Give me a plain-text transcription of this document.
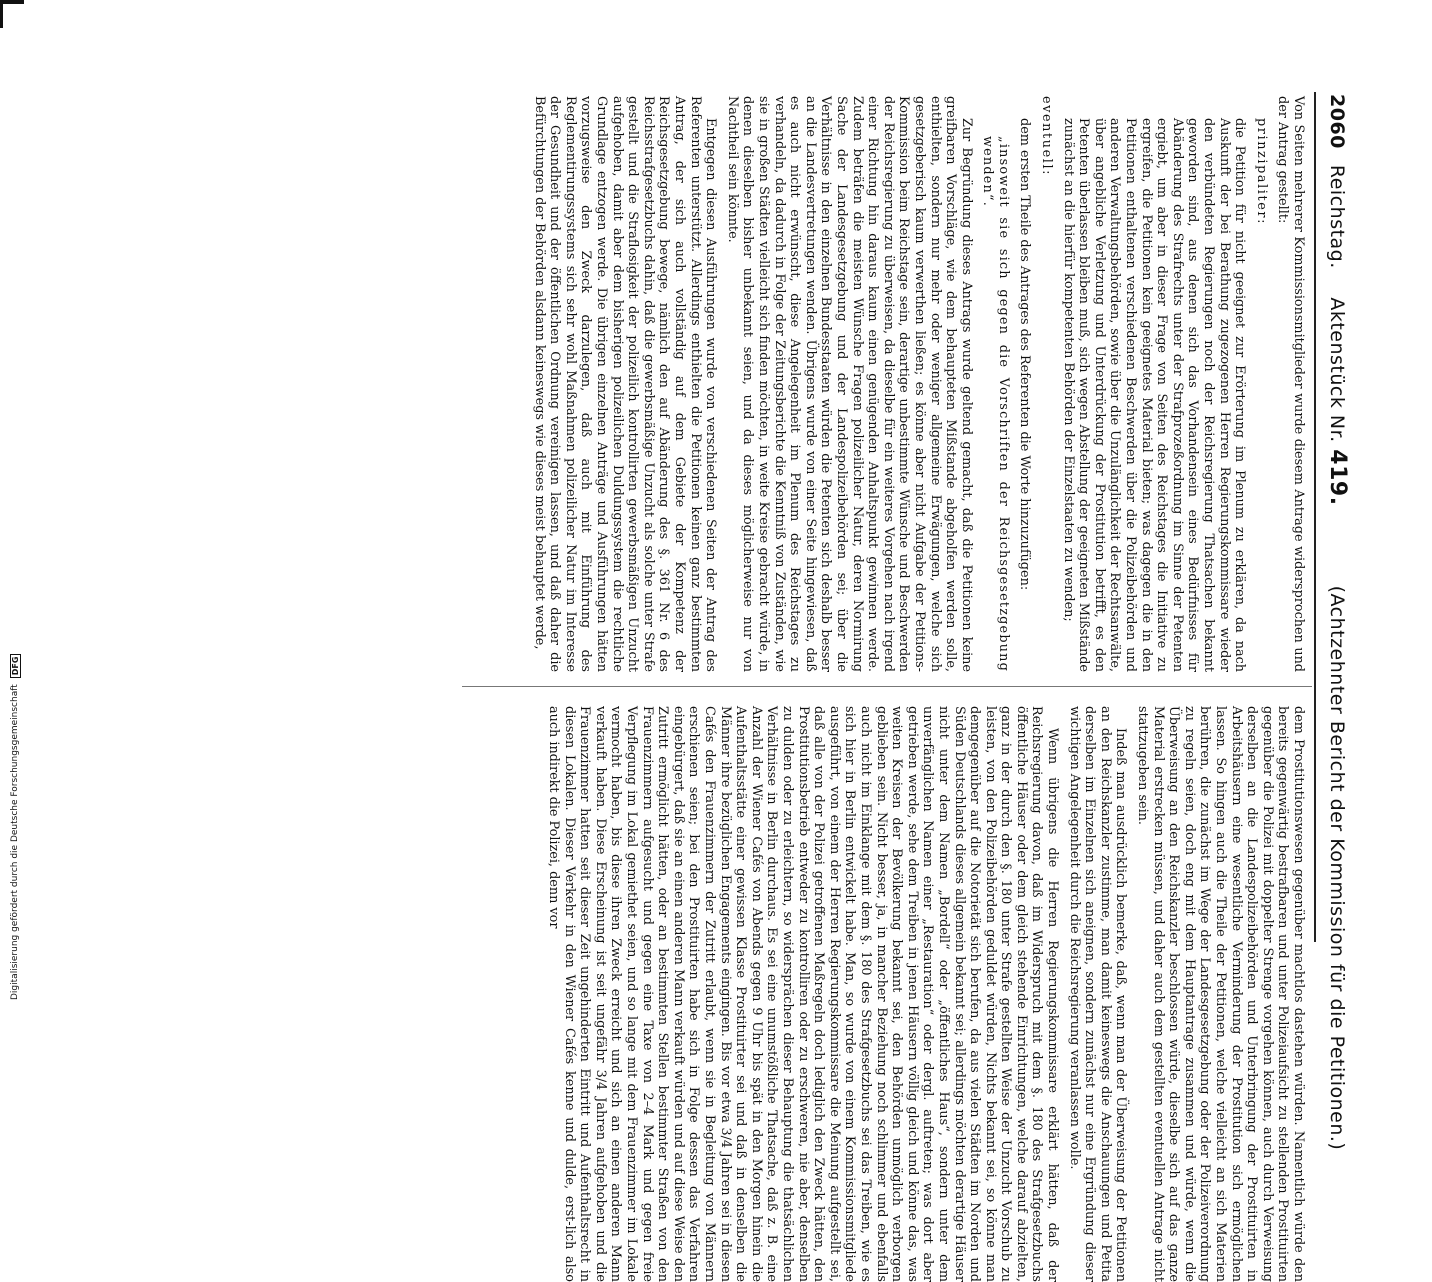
2060
Reichstag. Aktenstück Nr. 419.
(Achtzehnter Bericht der Kommission für die Petitionen.)

Von Seiten mehrerer Kommissionsmitglieder wurde diesem Antrage widersprochen und der Antrag gestellt:

prinzipaliter:

die Petition für nicht geeignet zur Erörterung im Plenum zu erklären, da nach Auskunft der bei Berathung zugezogenen Herren Regierungskommissare wieder den verbündeten Regierungen noch der Reichsregierung Thatsachen bekannt geworden sind, aus denen sich das Vorhandensein eines Bedürfnisses für Abänderung des Strafrechts unter der Strafprozeßordnung im Sinne der Petenten ergiebt, um aber in dieser Frage von Seiten des Reichstages die Initiative zu ergreifen, die Petitionen kein geeignetes Material bieten; was dagegen die in den Petitionen enthaltenen verschiedenen Beschwerden über die Polizeibehörden und anderen Verwaltungsbehörden, sowie über die Unzulänglichkeit der Rechtsanwälte, über angebliche Verletzung und Unterdrückung der Prostitution betrifft, es den Petenten überlassen bleiben muß, sich wegen Abstellung der geeigneten Mißstände zunächst an die hierfür kompetenten Behörden der Einzelstaaten zu wenden;

eventuell:

dem ersten Theile des Antrages des Referenten die Worte hinzuzufügen:

„insoweit sie sich gegen die Vorschriften der Reichsgesetzgebung wenden“.

Zur Begründung dieses Antrags wurde geltend gemacht, daß die Petitionen keine greifbaren Vorschläge, wie dem behaupteten Mißstande abgeholfen werden solle, enthielten, sondern nur mehr oder weniger allgemeine Erwägungen, welche sich gesetzgeberisch kaum verwerthen ließen; es könne aber nicht Aufgabe der Petitions-Kommission beim Reichstage sein, derartige unbestimmte Wünsche und Beschwerden der Reichsregierung zu überweisen, da dieselbe für ein weiteres Vorgehen nach irgend einer Richtung hin daraus kaum einen genügenden Anhaltspunkt gewinnen werde. Zudem beträfen die meisten Wünsche Fragen polizeilicher Natur, deren Normirung Sache der Landesgesetzgebung und der Landespolizeibehörden sei; über die Verhältnisse in den einzelnen Bundesstaaten würden die Petenten sich deshalb besser an die Landesvertretungen wenden. Übrigens wurde von einer Seite hingewiesen, daß es auch nicht erwünscht, diese Angelegenheit im Plenum des Reichstages zu verhandeln, da dadurch in Folge der Zeitungsberichte die Kenntniß von Zuständen, wie sie in großen Städten vielleicht sich finden möchten, in weite Kreise gebracht würde, in denen dieselben bisher unbekannt seien, und da dieses möglicherweise nur von Nachtheil sein könnte.

Entgegen diesen Ausführungen wurde von verschiedenen Seiten der Antrag des Referenten unterstützt. Allerdings enthielten die Petitionen keinen ganz bestimmten Antrag, der sich auch vollständig auf dem Gebiete der Kompetenz der Reichsgesetzgebung bewege, nämlich den auf Abänderung des §. 361 Nr. 6 des Reichsstrafgesetzbuchs dahin, daß die gewerbsmäßige Unzucht als solche unter Strafe gestellt und die Straflosigkeit der polizeilich kontrollirten gewerbsmäßigen Unzucht aufgehoben, damit aber dem bisherigen polizeilichen Duldungssystem die rechtliche Grundlage entzogen werde. Die übrigen einzelnen Anträge und Ausführungen hätten vorzugsweise den Zweck darzulegen, daß auch mit Einführung des Reglementirungssystems sich sehr wohl Maßnahmen polizeilicher Natur im Interesse der Gesundheit und der öffentlichen Ordnung vereinigen lassen, und daß daher die Befürchtungen der Behörden alsdann keineswegs wie dieses meist behauptet werde,

dem Prostitutionswesen gegenüber machtlos dastehen würden. Namentlich würde den bereits gegenwärtig bestrafbaren und unter Polizeiaufsicht zu stellenden Prostituirten gegenüber die Polizei mit doppelter Strenge vorgehen können, auch durch Verweisung derselben an die Landespolizeibehörden und Unterbringung der Prostituirten in Arbeitshäusern eine wesentliche Verminderung der Prostitution sich ermöglichen lassen. So hingen auch die Theile der Petitionen, welche vielleicht an sich Materien berühren, die zunächst im Wege der Landesgesetzgebung oder der Polizeiverordnung zu regeln seien, doch eng mit dem Hauptantrage zusammen und würde, wenn die Überweisung an den Reichskanzler beschlossen würde, dieselbe sich auf das ganze Material erstrecken müssen, und daher auch dem gestellten eventuellen Antrage nicht stattzugeben sein.

Indeß man ausdrücklich bemerke, daß, wenn man der Überweisung der Petitionen an den Reichskanzler zustimme, man damit keineswegs die Anschauungen und Petita derselben im Einzelnen sich aneignen, sondern zunächst nur eine Ergründung dieser wichtigen Angelegenheit durch die Reichsregierung veranlassen wolle.

Wenn übrigens die Herren Regierungskommissare erklärt hätten, daß der Reichsregierung davon, daß im Widerspruch mit dem §. 180 des Strafgesetzbuchs öffentliche Häuser oder dem gleich stehende Einrichtungen, welche darauf abzielten, ganz in der durch den §. 180 unter Strafe gestellten Weise der Unzucht Vorschub zu leisten, von den Polizeibehörden geduldet würden, Nichts bekannt sei, so könne man demgegenüber auf die Notorietät sich berufen, da aus vielen Städten im Norden und Süden Deutschlands dieses allgemein bekannt sei; allerdings möchten derartige Häuser nicht unter dem Namen „Bordell“ oder „öffentliches Haus“, sondern unter dem unverfänglichen Namen einer „Restauration“ oder dergl. auftreten; was dort aber getrieben werde, sehe dem Treiben in jenen Häusern völlig gleich und könne das, was weiten Kreisen der Bevölkerung bekannt sei, den Behörden unmöglich verborgen geblieben sein. Nicht besser, ja, in mancher Beziehung noch schlimmer und ebenfalls auch nicht im Einklange mit dem §. 180 des Strafgesetzbuchs sei das Treiben, wie es sich hier in Berlin entwickelt habe. Man, so wurde von einem Kommissionsmitgliede ausgeführt, von einem der Herren Regierungskommissare die Meinung aufgestellt sei, daß alle von der Polizei getroffenen Maßregeln doch lediglich den Zweck hätten, den Prostitutionsbetrieb entweder zu kontrolliren oder zu erschweren, nie aber, denselben zu dulden oder zu erleichtern, so widersprächen dieser Behauptung die thatsächlichen Verhältnisse in Berlin durchaus. Es sei eine unumstößliche Thatsache, daß z. B. eine Anzahl der Wiener Cafés von Abends gegen 9 Uhr bis spät in den Morgen hinein die Aufenthaltsstätte einer gewissen Klasse Prostituirter sei und daß in denselben die Männer ihre bezüglichen Engagements eingingen. Bis vor etwa 3/4 Jahren sei in diesen Cafés den Frauenzimmern der Zutritt erlaubt, wenn sie in Begleitung von Männern erschienen seien; bei den Prostituirten habe sich in Folge dessen das Verfahren eingebürgert, daß sie an einen anderen Mann verkauft würden und auf diese Weise den Zutritt ermöglicht hätten, oder an bestimmten Stellen bestimmter Straßen von den Frauenzimmern aufgesucht und gegen eine Taxe von 2–4 Mark und gegen freie Verpflegung im Lokal gemiethet seien, und so lange mit dem Frauenzimmer im Lokale vermocht haben, bis diese ihren Zweck erreicht und sich an einen anderen Mann verkauft haben. Diese Erscheinung ist seit ungefähr 3/4 Jahren aufgehoben und die Frauenzimmer hatten seit dieser Zeit ungehinderten Eintritt und Aufenthaltsrecht in diesen Lokalen. Dieser Verkehr in den Wiener Cafés kenne und dulde, erst-lich also auch indirekt die Polizei, denn vor

Digitalisierung gefördert durch die Deutsche Forschungsgemeinschaft
DFG
